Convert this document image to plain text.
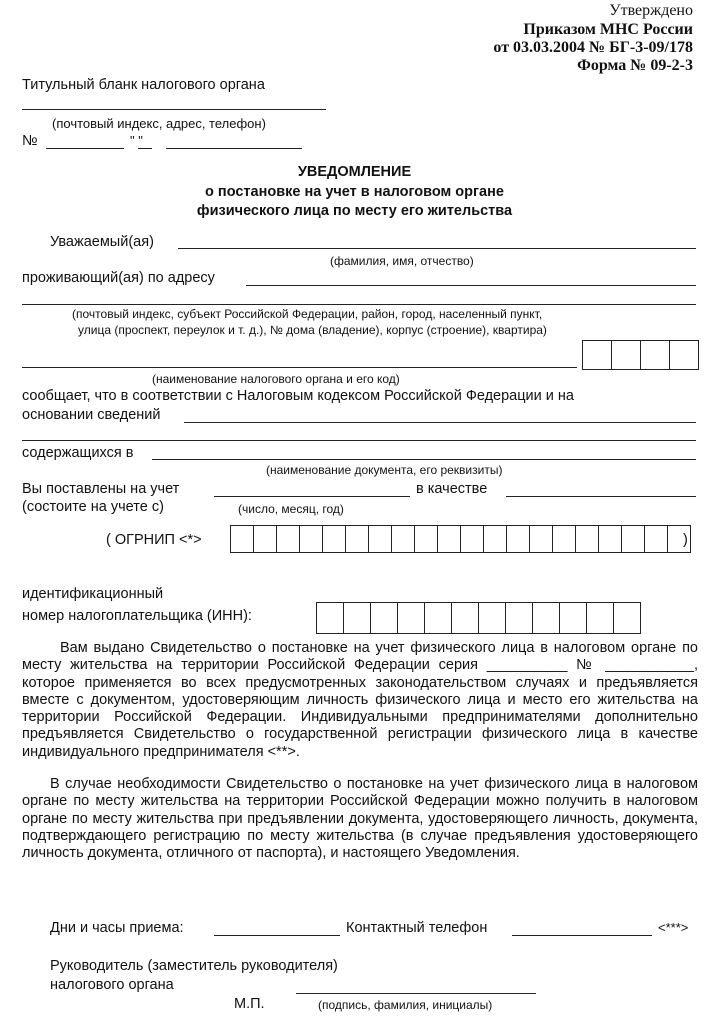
Утверждено
Приказом МНС России
от 03.03.2004 № БГ-3-09/178
Форма № 09-2-3
Титульный бланк налогового органа
(почтовый индекс, адрес, телефон)
№	" "
УВЕДОМЛЕНИЕ
о постановке на учет в налоговом органе
физического лица по месту его жительства
Уважаемый(ая)
(фамилия, имя, отчество)
проживающий(ая) по адресу
(почтовый индекс, субъект Российской Федерации, район, город, населенный пункт,
улица (проспект, переулок и т. д.), № дома (владение), корпус (строение), квартира)
(наименование налогового органа и его код)
сообщает, что в соответствии с Налоговым кодексом Российской Федерации и на
основании сведений
содержащихся в
(наименование документа, его реквизиты)
Вы поставлены на учет	в качестве
(состоите на учете с)	(число, месяц, год)
( ОГРНИП <*>	)
идентификационный
номер налогоплательщика (ИНН):
Вам выдано Свидетельство о постановке на учет физического лица в налоговом органе по месту жительства на территории Российской Федерации серия __________ № ___________, которое применяется во всех предусмотренных законодательством случаях и предъявляется вместе с документом, удостоверяющим личность физического лица и место его жительства на территории Российской Федерации. Индивидуальными предпринимателями дополнительно предъявляется Свидетельство о государственной регистрации физического лица в качестве индивидуального предпринимателя <**>.
В случае необходимости Свидетельство о постановке на учет физического лица в налоговом органе по месту жительства на территории Российской Федерации можно получить в налоговом органе по месту жительства при предъявлении документа, удостоверяющего личность, документа, подтверждающего регистрацию по месту жительства (в случае предъявления удостоверяющего личность документа, отличного от паспорта), и настоящего Уведомления.
Дни и часы приема:	Контактный телефон	<***>
Руководитель (заместитель руководителя)
налогового органа
М.П.	(подпись, фамилия, инициалы)
